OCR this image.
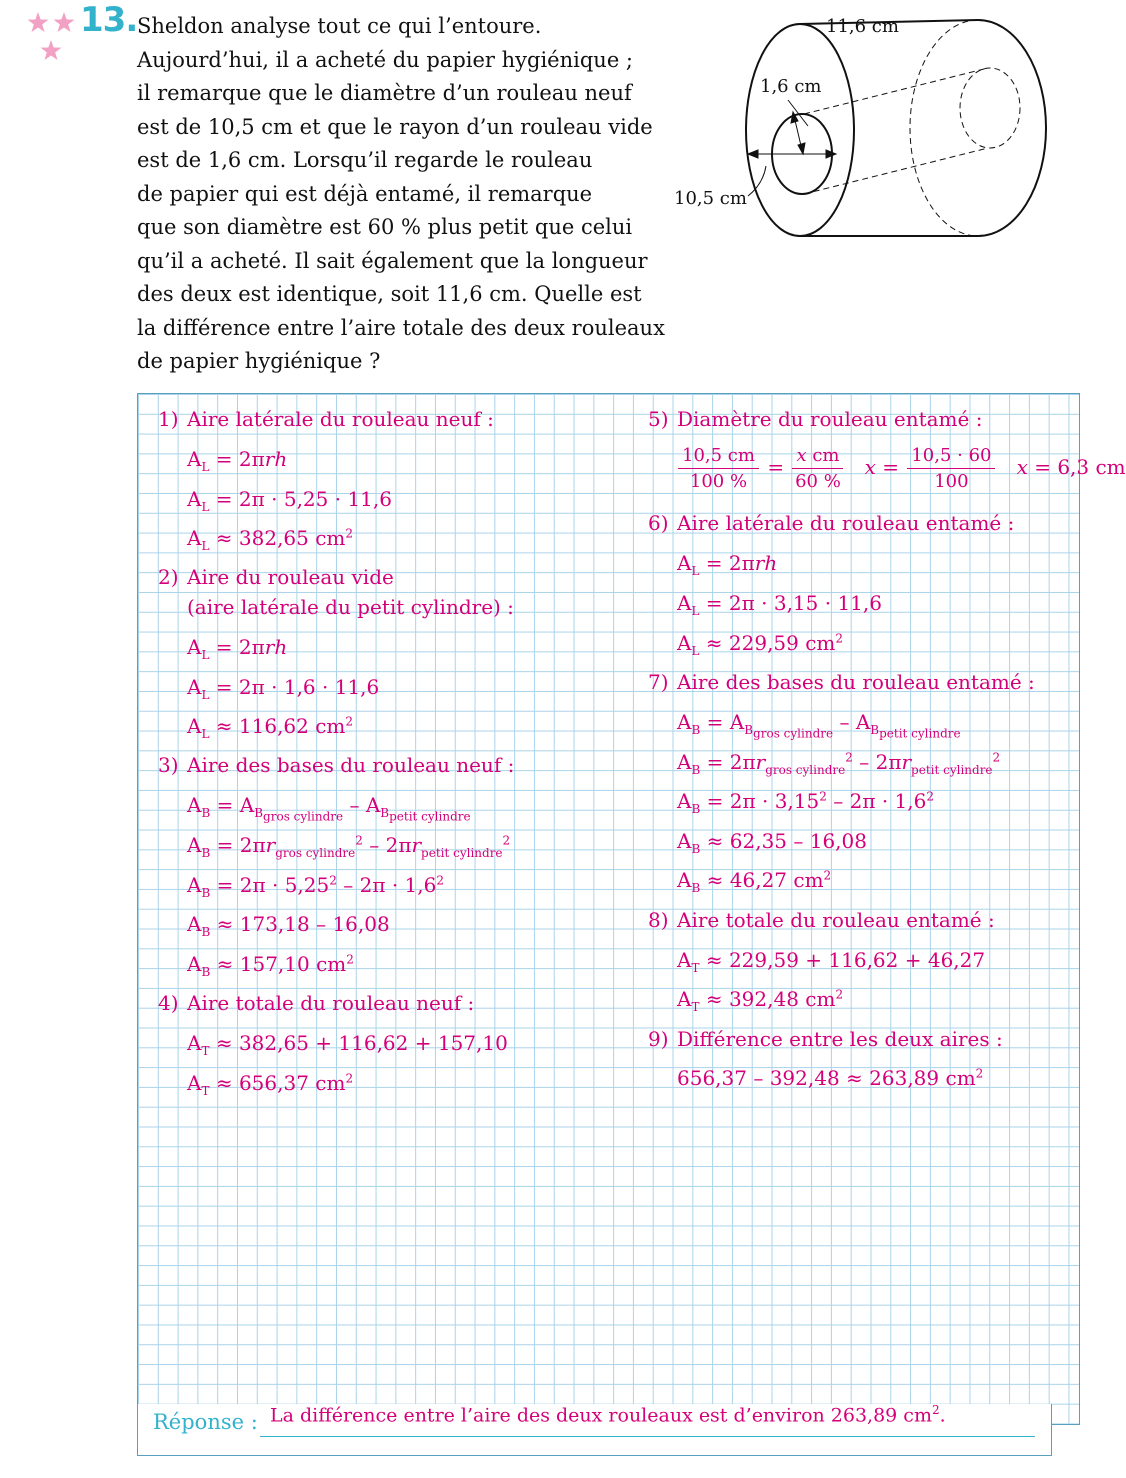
13. Sheldon analyse tout ce qui l’entoure.
Aujourd’hui, il a acheté du papier hygiénique ;
il remarque que le diamètre d’un rouleau neuf
est de 10,5 cm et que le rayon d’un rouleau vide
est de 1,6 cm. Lorsqu’il regarde le rouleau
de papier qui est déjà entamé, il remarque
que son diamètre est 60 % plus petit que celui
qu’il a acheté. Il sait également que la longueur
des deux est identique, soit 11,6 cm. Quelle est
la différence entre l’aire totale des deux rouleaux
de papier hygiénique ?
11,6 cm
1,6 cm
10,5 cm
1) Aire latérale du rouleau neuf :
$A_L = 2\pi rh$
$A_L = 2\pi \cdot 5,25 \cdot 11,6$
$A_L \approx 382,65$ $cm^2$
2) Aire du rouleau vide
(aire latérale du petit cylindre) :
$A_L = 2\pi rh$
$A_L = 2\pi \cdot 1,6 \cdot 11,6$
$A_L \approx 116,62$ $cm^2$
3) Aire des bases du rouleau neuf :
$A_B = A_{B_{gros cylindre}} - A_{B_{petit cylindre}}$
$A_B = 2\pi r_{gros cylindre}^2 - 2\pi r_{petit cylindre}^2$
$A_B = 2\pi \cdot 5,25^2 - 2\pi \cdot 1,6^2$
$A_B \approx 173,18 - 16,08$
$A_B \approx 157,10$ $cm^2$
4) Aire totale du rouleau neuf :
$A_T \approx 382,65 + 116,62 + 157,10$
$A_T \approx 656,37$ $cm^2$
5) Diamètre du rouleau entamé :
$\frac{10,5 cm}{100 \%} = \frac{\text{x cm}}{60 \%}$ $x = \frac{10,5 \cdot 60}{100}$ x = 6,3 cm
6) Aire latérale du rouleau entamé :
$A_L = 2\pi rh$
$A_L = 2\pi \cdot 3,15 \cdot 11,6$
$A_L \approx 229,59$ $cm^2$
7) Aire des bases du rouleau entamé :
$A_B = A_{B_{gros cylindre}} - A_{B_{petit cylindre}}$
$A_B = 2\pi r_{gros cylindre}^2 - 2\pi r_{petit cylindre}^2$
$A_B = 2\pi \cdot 3,15^2 - 2\pi \cdot 1,6^2$
$A_B \approx 62,35 - 16,08$
$A_B \approx 46,27$ $cm^2$
8) Aire totale du rouleau entamé :
$A_T \approx 229,59 + 116,62 + 46,27$
$A_T \approx 392,48$ $cm^2$
9) Différence entre les deux aires :
656,37 – 392,48 ≈ 263,89 $cm^2$
Réponse : La différence entre l’aire des deux rouleaux est d’environ 263,89 $cm^2$.
